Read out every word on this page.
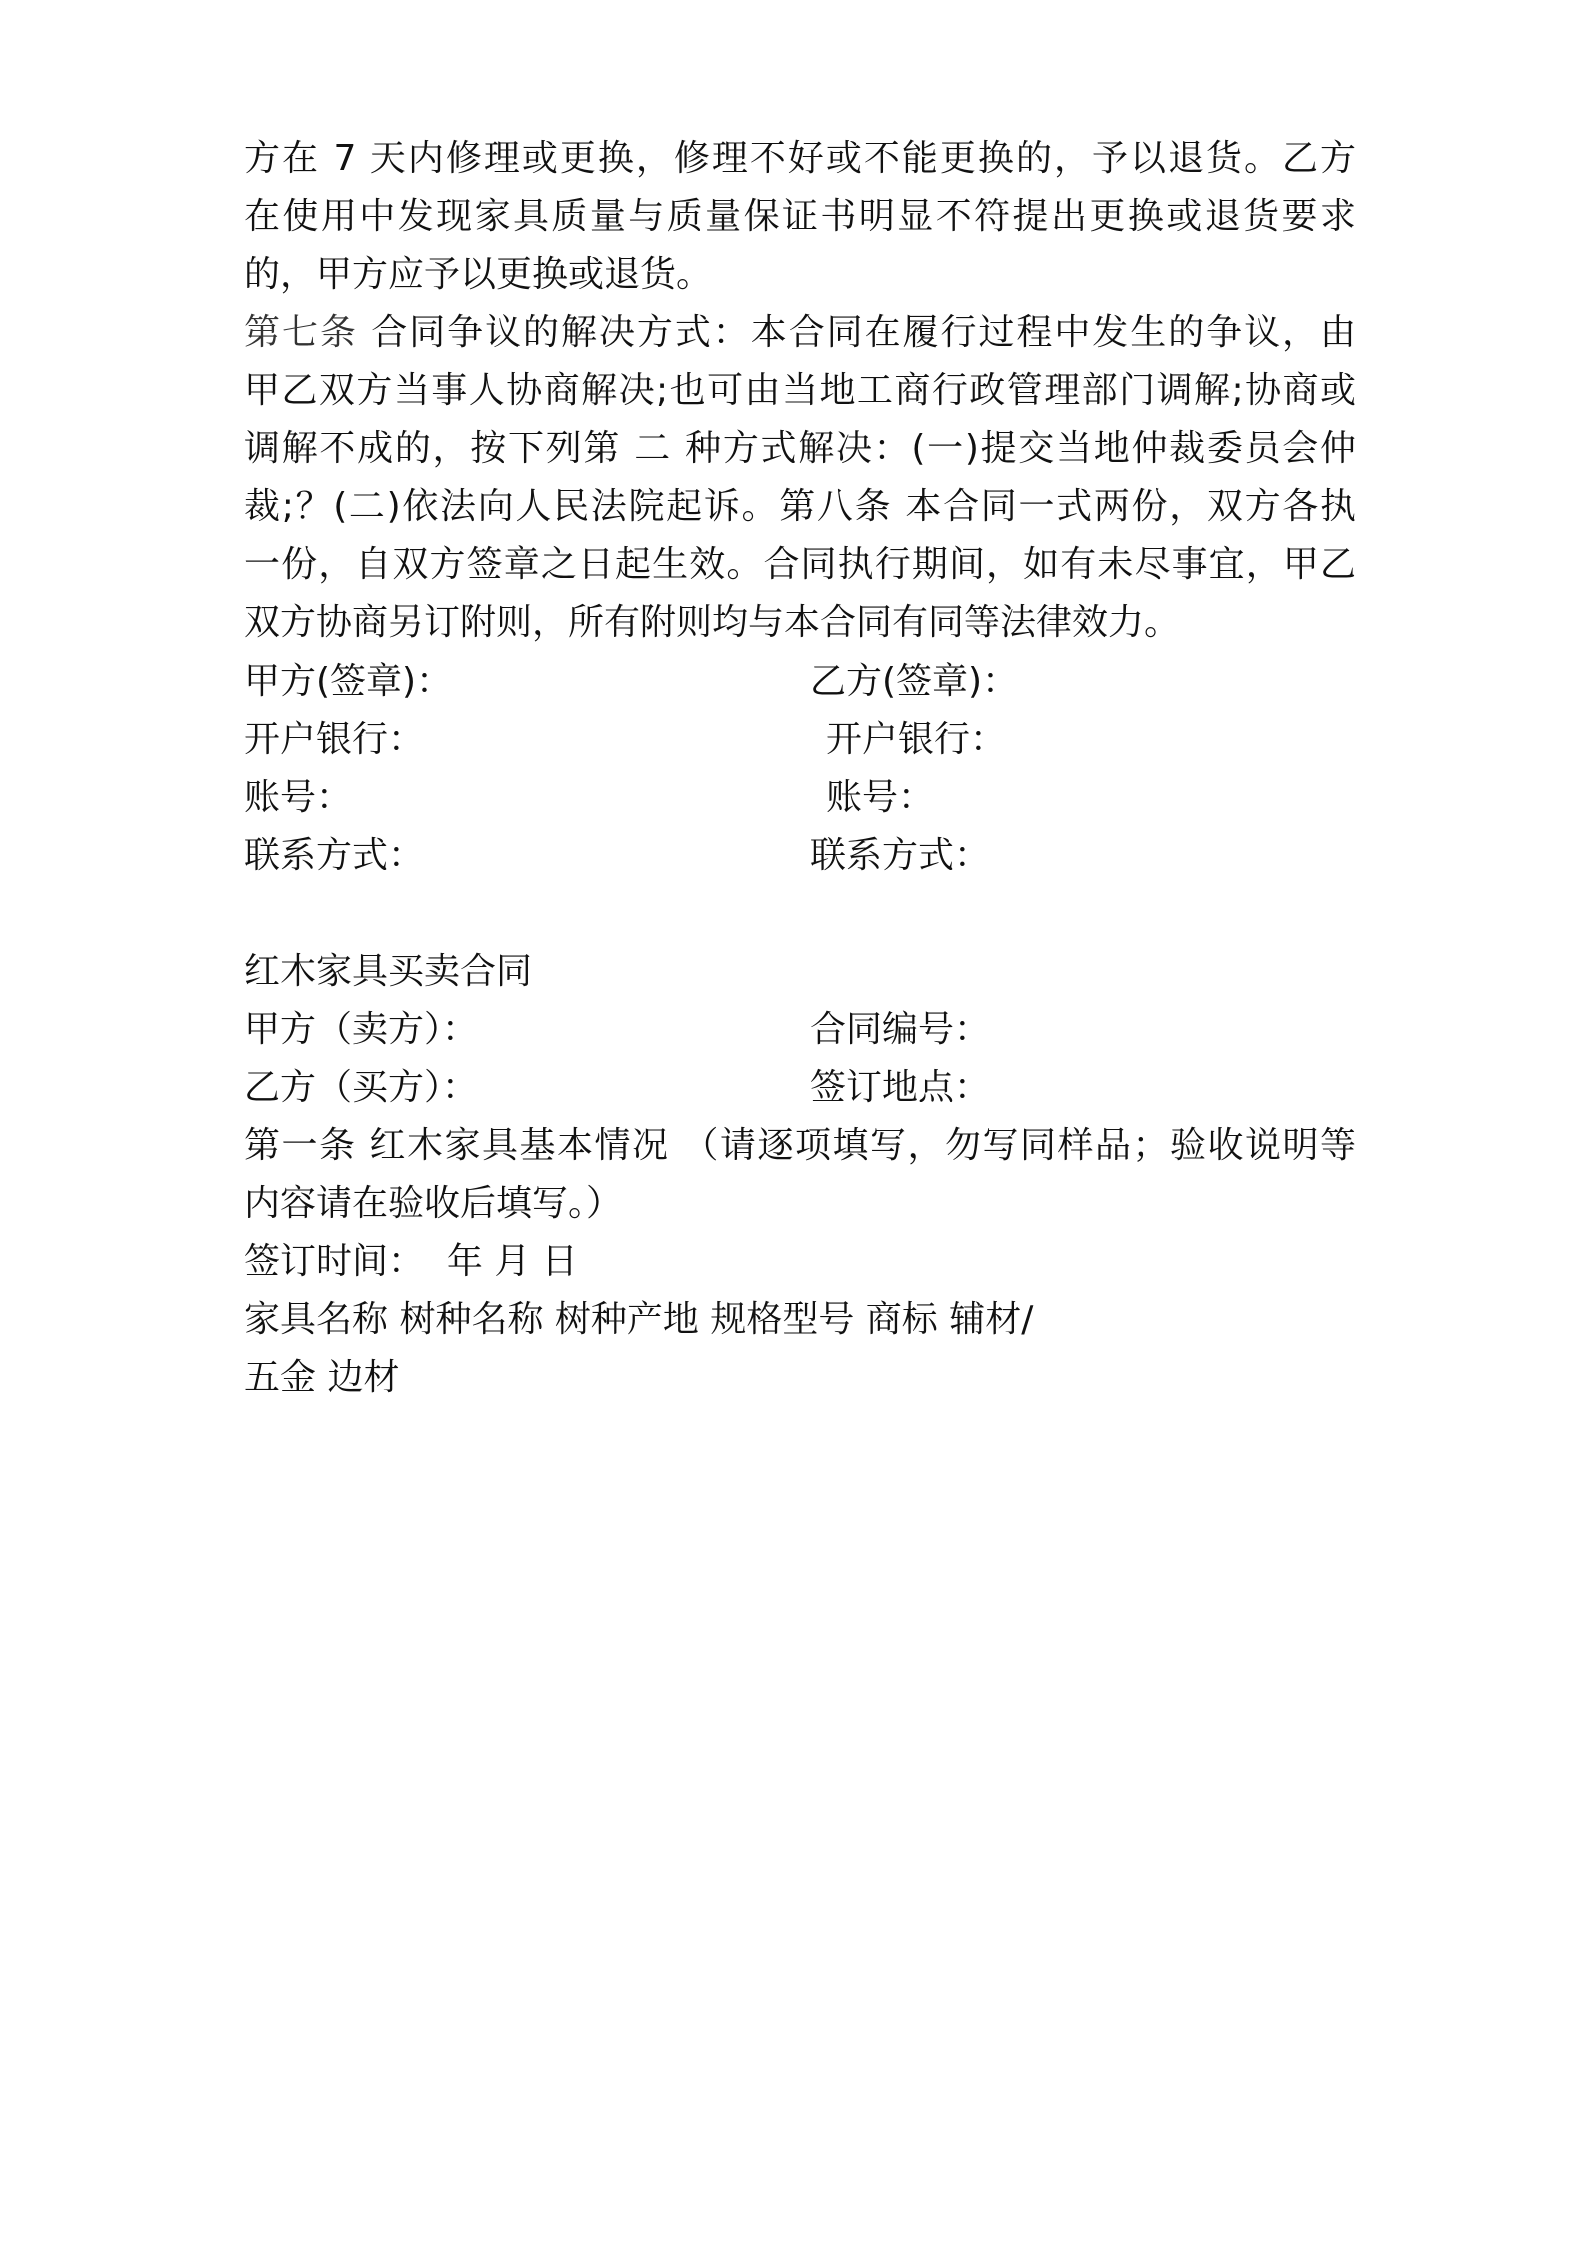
方在 7 天内修理或更换，修理不好或不能更换的，予以退货。乙方
在使用中发现家具质量与质量保证书明显不符提出更换或退货要求
的，甲方应予以更换或退货。
第七条 合同争议的解决方式：本合同在履行过程中发生的争议，由
甲乙双方当事人协商解决;也可由当地工商行政管理部门调解;协商或
调解不成的，按下列第 二 种方式解决：(一)提交当地仲裁委员会仲
裁;？(二)依法向人民法院起诉。第八条 本合同一式两份，双方各执
一份，自双方签章之日起生效。合同执行期间，如有未尽事宜，甲乙
双方协商另订附则，所有附则均与本合同有同等法律效力。
甲方(签章)：	乙方(签章)：
开户银行：	开户银行：
账号：	账号：
联系方式：	联系方式：
红木家具买卖合同
甲方（卖方）：	合同编号：
乙方（买方）：	签订地点：
第一条 红木家具基本情况 （请逐项填写，勿写同样品；验收说明等
内容请在验收后填写。）
签订时间：  年 月 日
家具名称 树种名称 树种产地 规格型号 商标 辅材/
五金 边材
